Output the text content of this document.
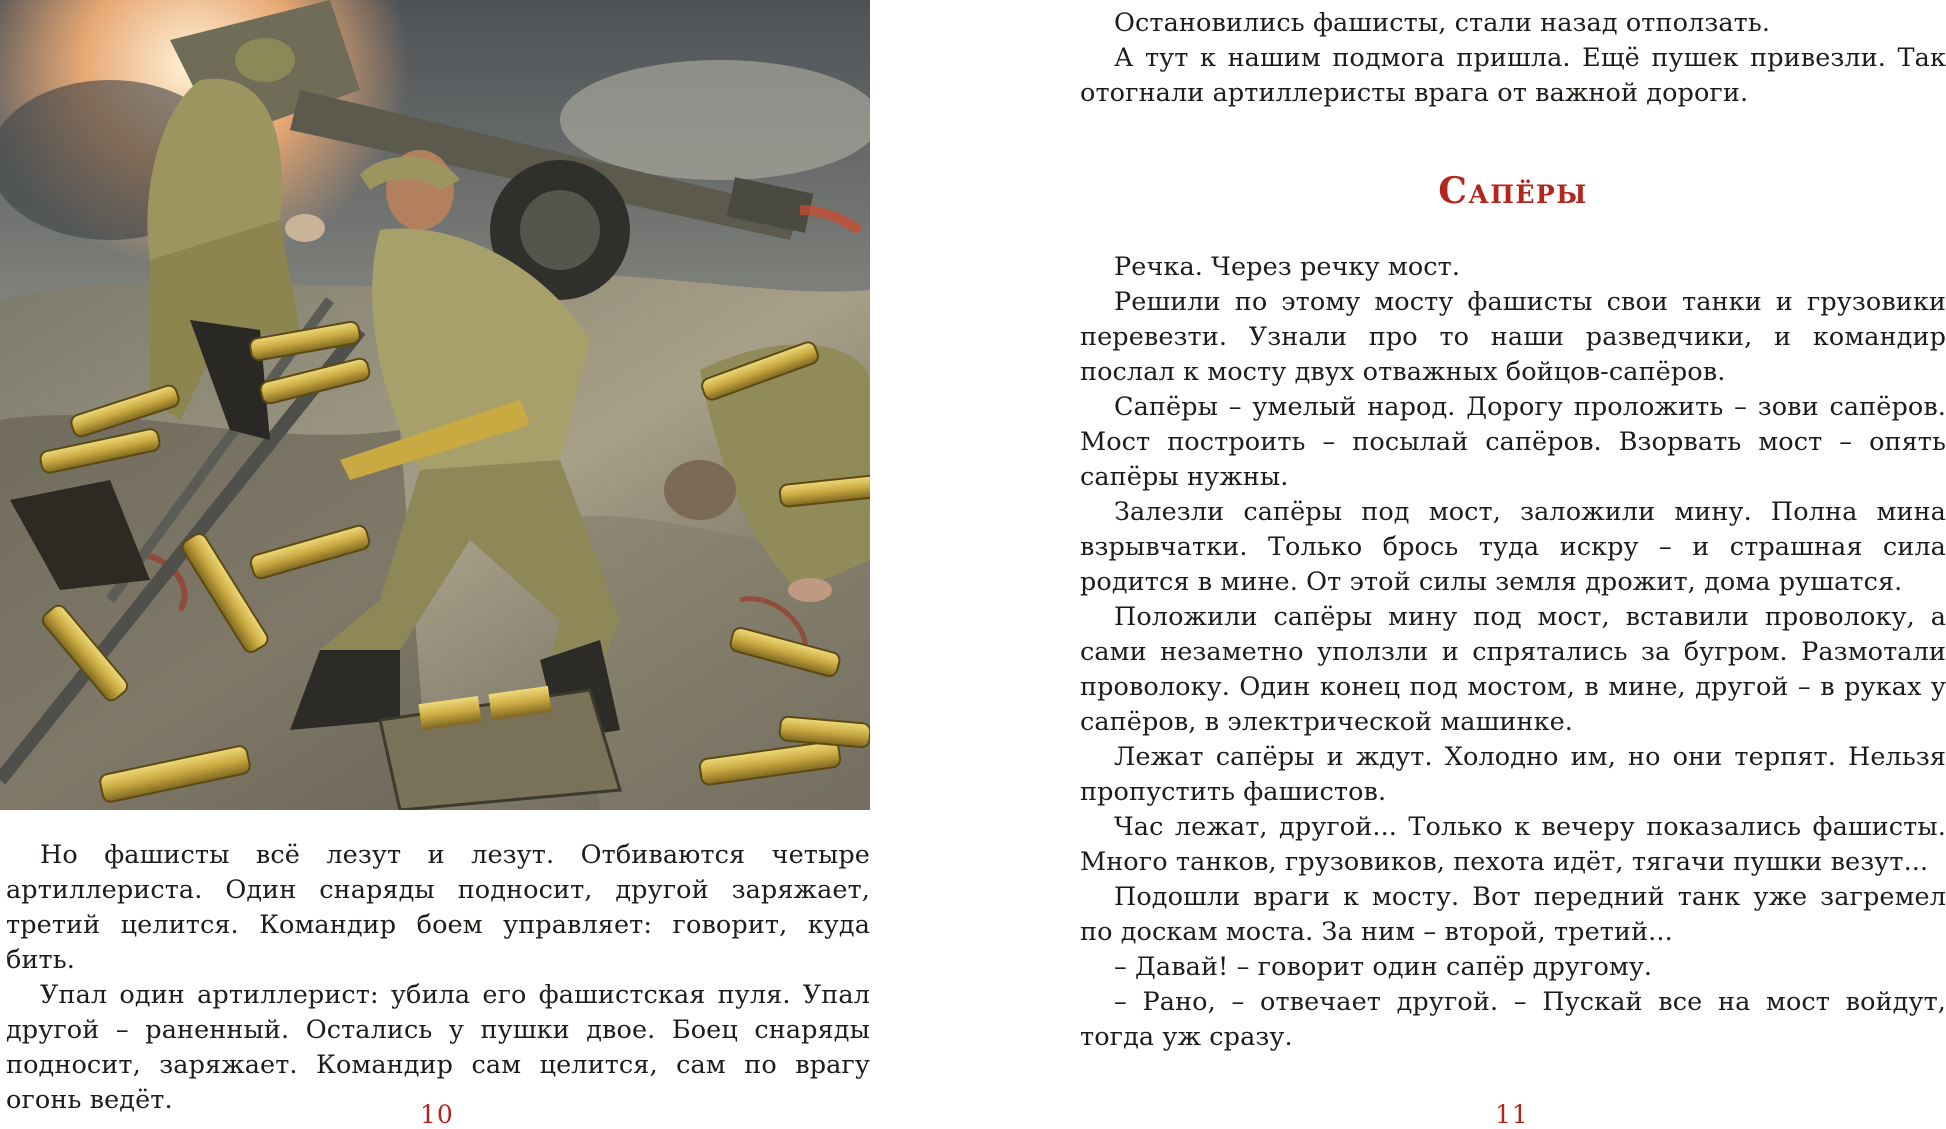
Но фашисты всё лезут и лезут. Отбиваются четыре артиллериста. Один снаряды подносит, другой заряжает, третий целится. Командир боем управляет: говорит, куда бить.

Упал один артиллерист: убила его фашистская пуля. Упал другой – раненный. Остались у пушки двое. Боец снаряды подносит, заряжает. Командир сам целится, сам по врагу огонь ведёт.	10

Остановились фашисты, стали назад отползать.

А тут к нашим подмога пришла. Ещё пушек привезли. Так отогнали артиллеристы врага от важной дороги.

Сапёры

Речка. Через речку мост.

Решили по этому мосту фашисты свои танки и грузовики перевезти. Узнали про то наши разведчики, и командир послал к мосту двух отважных бойцов-сапёров.

Сапёры – умелый народ. Дорогу проложить – зови сапёров. Мост построить – посылай сапёров. Взорвать мост – опять сапёры нужны.

Залезли сапёры под мост, заложили мину. Полна мина взрывчатки. Только брось туда искру – и страшная сила родится в мине. От этой силы земля дрожит, дома рушатся.

Положили сапёры мину под мост, вставили проволоку, а сами незаметно уползли и спрятались за бугром. Размотали проволоку. Один конец под мостом, в мине, другой – в руках у сапёров, в электрической машинке.

Лежат сапёры и ждут. Холодно им, но они терпят. Нельзя пропустить фашистов.

Час лежат, другой... Только к вечеру показались фашисты. Много танков, грузовиков, пехота идёт, тягачи пушки везут...

Подошли враги к мосту. Вот передний танк уже загремел по доскам моста. За ним – второй, третий...

– Давай! – говорит один сапёр другому.

– Рано, – отвечает другой. – Пускай все на мост войдут, тогда уж сразу.

11
